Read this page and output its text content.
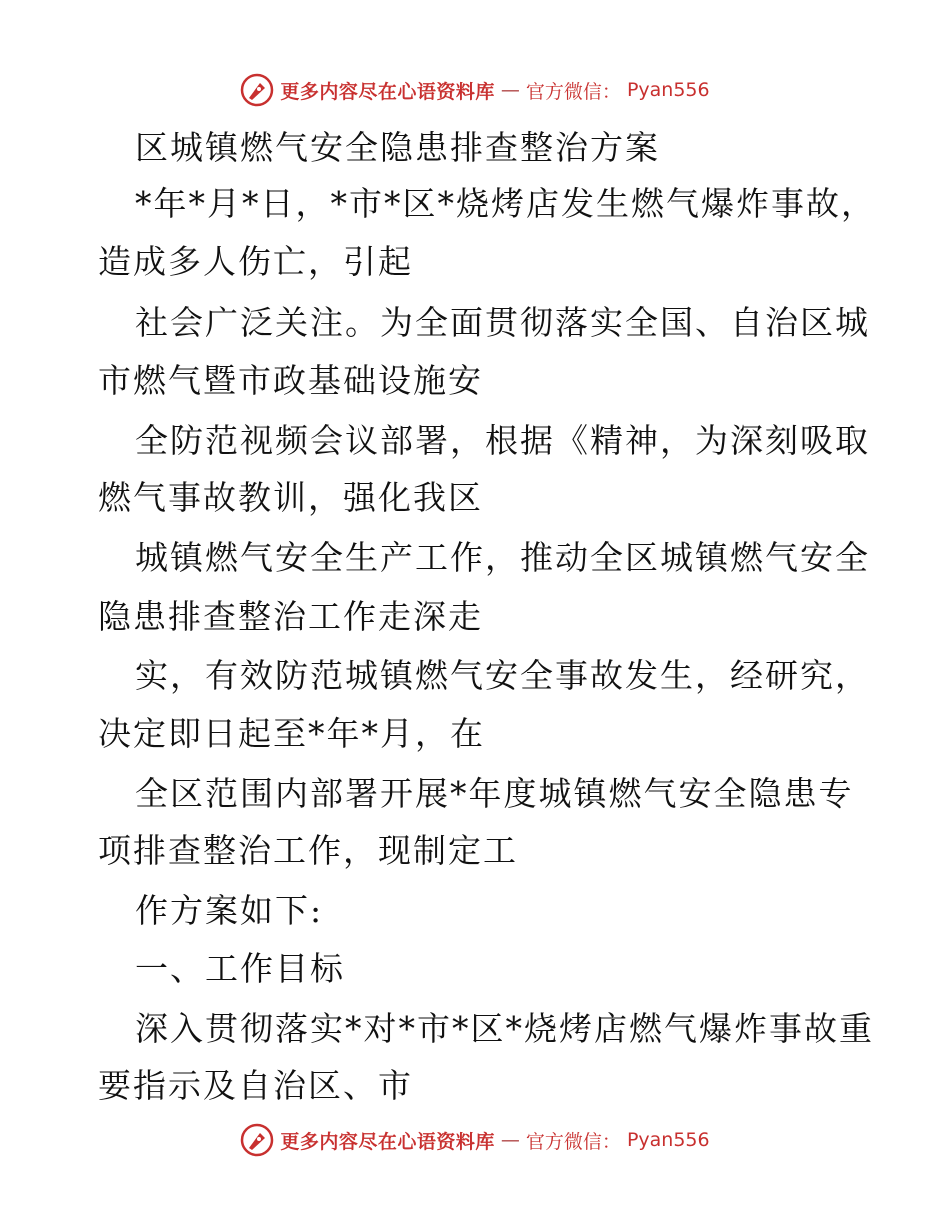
更多内容尽在心语资料库 — 官方微信： Pyan556
区城镇燃气安全隐患排查整治方案
*年*月*日，*市*区*烧烤店发生燃气爆炸事故，
造成多人伤亡，引起
社会广泛关注。为全面贯彻落实全国、自治区城
市燃气暨市政基础设施安
全防范视频会议部署，根据《精神，为深刻吸取
燃气事故教训，强化我区
城镇燃气安全生产工作，推动全区城镇燃气安全
隐患排查整治工作走深走
实，有效防范城镇燃气安全事故发生，经研究，
决定即日起至*年*月，在
全区范围内部署开展*年度城镇燃气安全隐患专
项排查整治工作，现制定工
作方案如下:
一、工作目标
深入贯彻落实*对*市*区*烧烤店燃气爆炸事故重
要指示及自治区、市
更多内容尽在心语资料库 — 官方微信： Pyan556
